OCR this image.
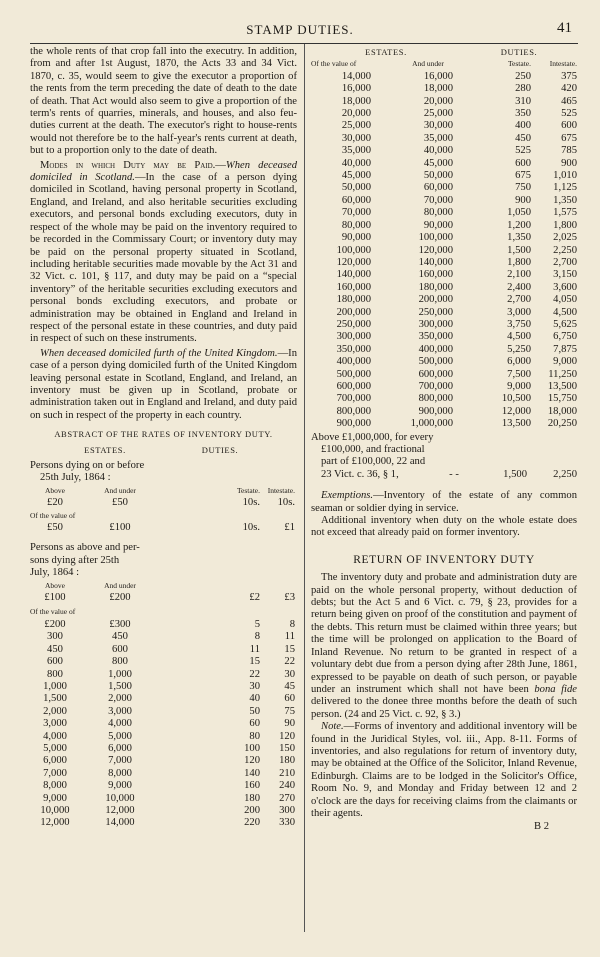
STAMP DUTIES.	41

the whole rents of that crop fall into the executry. In addition, from and after 1st August, 1870, the Acts 33 and 34 Vict. 1870, c. 35, would seem to give the executor a proportion of the rents from the term preceding the date of death to the date of death. That Act would also seem to give a proportion of the term's rents of quarries, minerals, and houses, and also feu-duties current at the death. The executor's right to house-rents would not therefore be to the half-year's rents current at death, but to a proportion only to the date of death.

Modes in which Duty may be Paid.—When deceased domiciled in Scotland.—In the case of a person dying domiciled in Scotland, having personal property in Scotland, England, and Ireland, and also heritable securities excluding executors, and personal bonds excluding executors, duty in respect of the whole may be paid on the inventory required to be recorded in the Commissary Court; or inventory duty may be paid on the personal property situated in Scotland, including heritable securities made movable by the Act 31 and 32 Vict. c. 101, § 117, and duty may be paid on a “special inventory” of the heritable securities excluding executors and personal bonds excluding executors, and probate or administration may be obtained in England and Ireland in respect of the personal estate in these countries, and duty paid in respect of such on these instruments.

When deceased domiciled furth of the United Kingdom.—In case of a person dying domiciled furth of the United Kingdom leaving personal estate in Scotland, England, and Ireland, an inventory must be given up in Scotland, probate or administration taken out in England and Ireland, and duty paid on such in respect of the property in each country.

ABSTRACT OF THE RATES OF INVENTORY DUTY.
ESTATES.	DUTIES.
Persons dying on or before
25th July, 1864 :
Above	And under	Testate.	Intestate.
£20	£50	10s.	10s.
Of the value of
£50	£100	10s.	£1
Persons as above and per-
sons dying after 25th
July, 1864 :
Above	And under
£100	£200	£2	£3
Of the value of
£200	£300	5	8
300	450	8	11
450	600	11	15
600	800	15	22
800	1,000	22	30
1,000	1,500	30	45
1,500	2,000	40	60
2,000	3,000	50	75
3,000	4,000	60	90
4,000	5,000	80	120
5,000	6,000	100	150
6,000	7,000	120	180
7,000	8,000	140	210
8,000	9,000	160	240
9,000	10,000	180	270
10,000	12,000	200	300
12,000	14,000	220	330
ESTATES.	DUTIES.
Of the value of	And under	Testate.	Intestate.
14,000	16,000	250	375
16,000	18,000	280	420
18,000	20,000	310	465
20,000	25,000	350	525
25,000	30,000	400	600
30,000	35,000	450	675
35,000	40,000	525	785
40,000	45,000	600	900
45,000	50,000	675	1,010
50,000	60,000	750	1,125
60,000	70,000	900	1,350
70,000	80,000	1,050	1,575
80,000	90,000	1,200	1,800
90,000	100,000	1,350	2,025
100,000	120,000	1,500	2,250
120,000	140,000	1,800	2,700
140,000	160,000	2,100	3,150
160,000	180,000	2,400	3,600
180,000	200,000	2,700	4,050
200,000	250,000	3,000	4,500
250,000	300,000	3,750	5,625
300,000	350,000	4,500	6,750
350,000	400,000	5,250	7,875
400,000	500,000	6,000	9,000
500,000	600,000	7,500	11,250
600,000	700,000	9,000	13,500
700,000	800,000	10,500	15,750
800,000	900,000	12,000	18,000
900,000	1,000,000	13,500	20,250
Above £1,000,000, for every
£100,000, and fractional
part of £100,000, 22 and
23 Vict. c. 36, § 1,	- -	1,500	2,250

Exemptions.—Inventory of the estate of any common seaman or soldier dying in service.

Additional inventory when duty on the whole estate does not exceed that already paid on former inventory.

RETURN OF INVENTORY DUTY

The inventory duty and probate and administration duty are paid on the whole personal property, without deduction of debts; but the Act 5 and 6 Vict. c. 79, § 23, provides for a return being given on proof of the constitution and payment of the debts. This return must be claimed within three years; but the time will be prolonged on application to the Board of Inland Revenue. No return to be granted in respect of a voluntary debt due from a person dying after 28th June, 1861, expressed to be payable on death of such person, or payable under an instrument which shall not have been bona fide delivered to the donee three months before the death of such person. (24 and 25 Vict. c. 92, § 3.)

Note.—Forms of inventory and additional inventory will be found in the Juridical Styles, vol. iii., App. 8-11. Forms of inventories, and also regulations for return of inventory duty, may be obtained at the Office of the Solicitor, Inland Revenue, Edinburgh. Claims are to be lodged in the Solicitor's Office, Room No. 9, and Monday and Friday between 12 and 2 o'clock are the days for receiving claims from the claimants or their agents.

B 2
